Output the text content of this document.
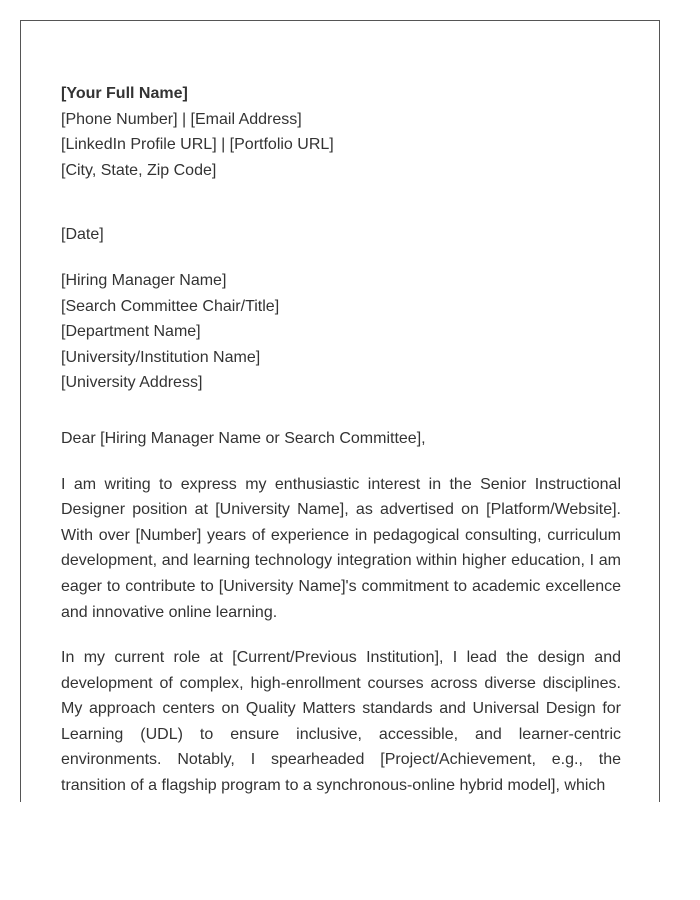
[Your Full Name]
[Phone Number] | [Email Address]
[LinkedIn Profile URL] | [Portfolio URL]
[City, State, Zip Code]
[Date]
[Hiring Manager Name]
[Search Committee Chair/Title]
[Department Name]
[University/Institution Name]
[University Address]
Dear [Hiring Manager Name or Search Committee],

I am writing to express my enthusiastic interest in the Senior Instructional Designer position at [University Name], as advertised on [Platform/Website]. With over [Number] years of experience in pedagogical consulting, curriculum development, and learning technology integration within higher education, I am eager to contribute to [University Name]'s commitment to academic excellence and innovative online learning.

In my current role at [Current/Previous Institution], I lead the design and development of complex, high-enrollment courses across diverse disciplines. My approach centers on Quality Matters standards and Universal Design for Learning (UDL) to ensure inclusive, accessible, and learner-centric environments. Notably, I spearheaded [Project/Achievement, e.g., the transition of a flagship program to a synchronous-online hybrid model], which
